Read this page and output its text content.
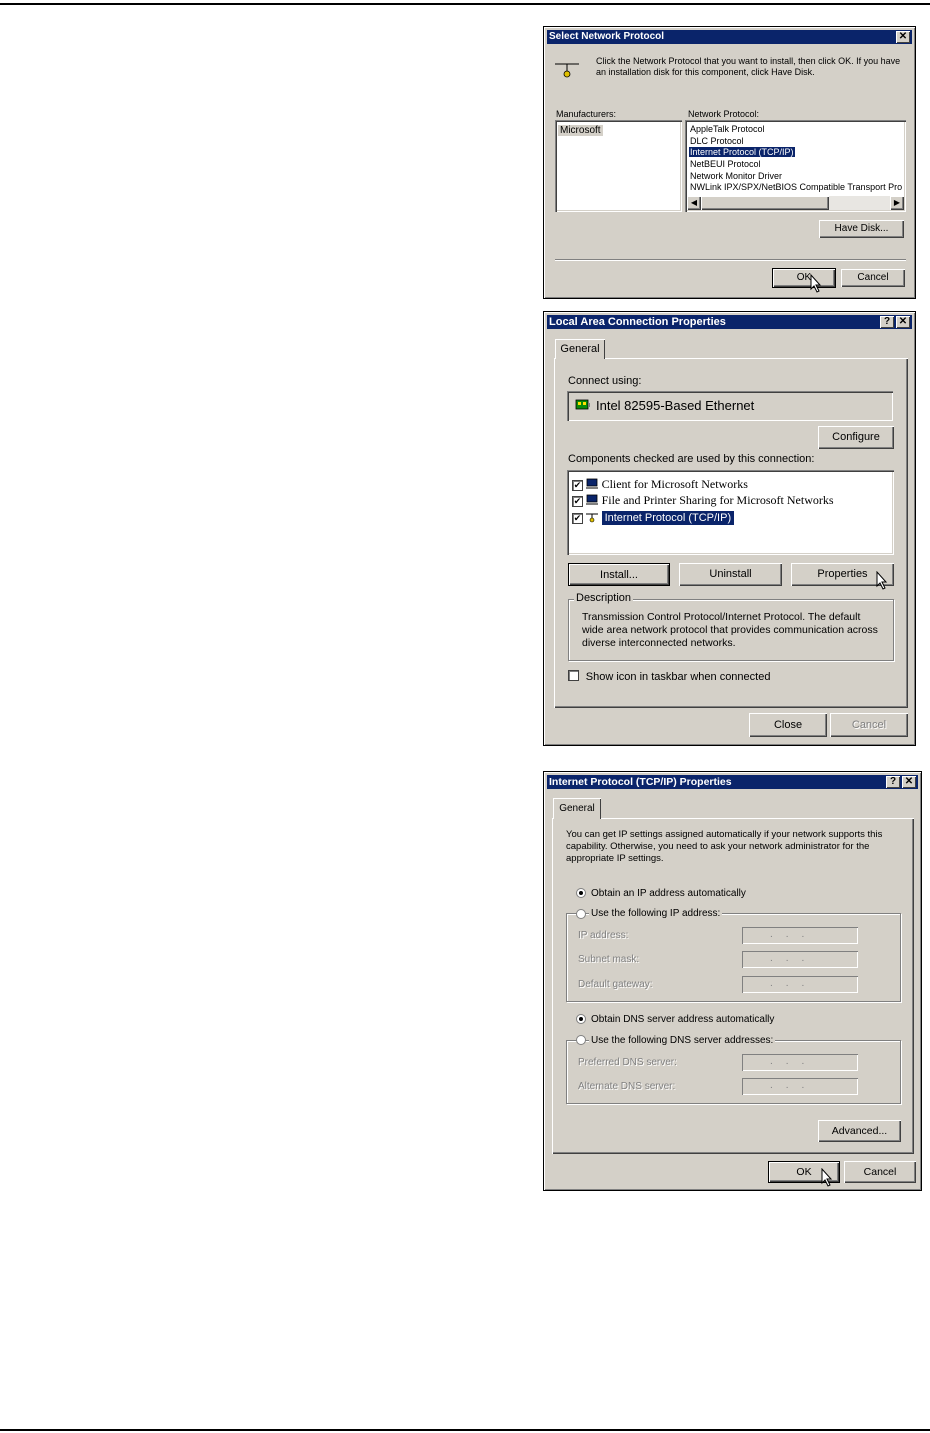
Select Network Protocol	✕
Click the Network Protocol that you want to install, then click OK. If you have an installation disk for this component, click Have Disk.
Manufacturers:
Microsoft
Network Protocol:
AppleTalk Protocol
DLC Protocol
Internet Protocol (TCP/IP)
NetBEUI Protocol
Network Monitor Driver
NWLink IPX/SPX/NetBIOS Compatible Transport Pro
◀	▶
Have Disk...
OK	Cancel
Local Area Connection Properties	? ✕
General
Connect using:
Intel 82595-Based Ethernet
Configure
Components checked are used by this connection:
✔ Client for Microsoft Networks
✔ File and Printer Sharing for Microsoft Networks
✔ Internet Protocol (TCP/IP)
Install...	Uninstall	Properties
Description
Transmission Control Protocol/Internet Protocol. The default wide area network protocol that provides communication across diverse interconnected networks.
Show icon in taskbar when connected
Close	Cancel
Internet Protocol (TCP/IP) Properties	? ✕
General
You can get IP settings assigned automatically if your network supports this capability. Otherwise, you need to ask your network administrator for the appropriate IP settings.
Obtain an IP address automatically
Use the following IP address:
IP address:	...
Subnet mask:	...
Default gateway:	...
Obtain DNS server address automatically
Use the following DNS server addresses:
Preferred DNS server:	...
Alternate DNS server:	...
Advanced...
OK	Cancel
